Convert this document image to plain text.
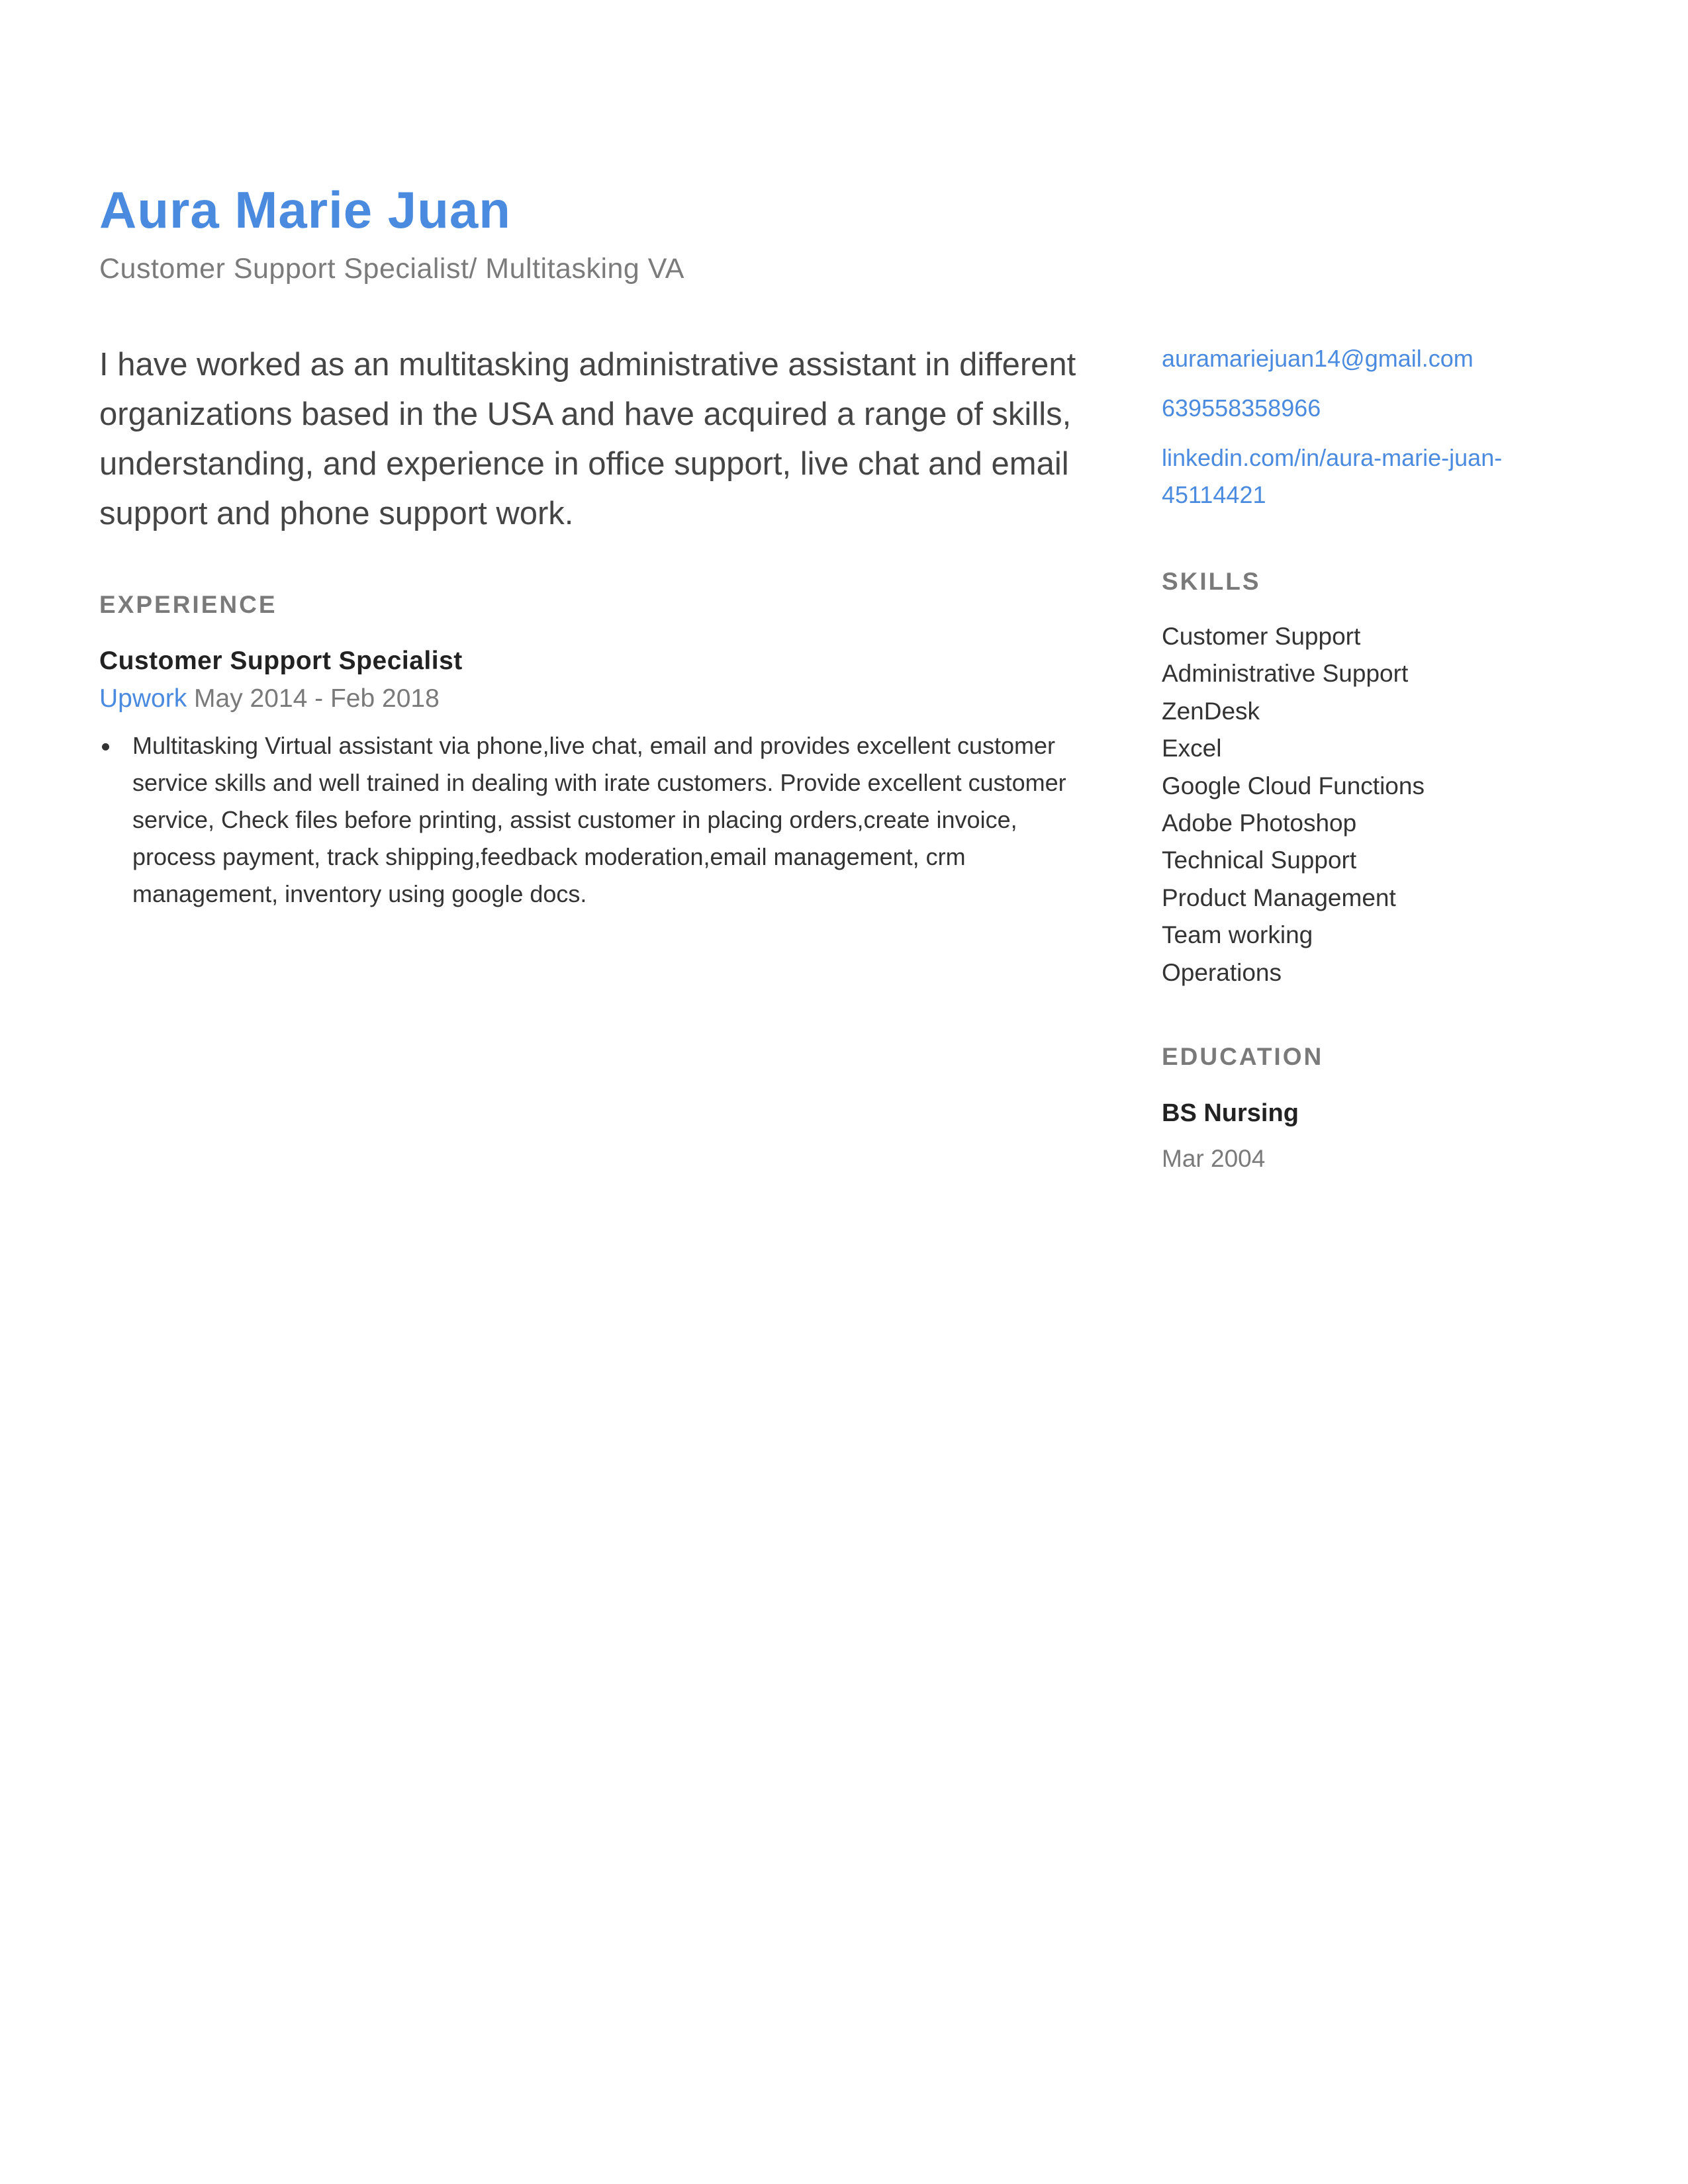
Aura Marie Juan

Customer Support Specialist/ Multitasking VA

I have worked as an multitasking administrative assistant in different organizations based in the USA and have acquired a range of skills, understanding, and experience in office support, live chat and email support and phone support work.

EXPERIENCE

Customer Support Specialist

Upwork May 2014 - Feb 2018

Multitasking Virtual assistant via phone,live chat, email and provides excellent customer service skills and well trained in dealing with irate customers. Provide excellent customer service, Check files before printing, assist customer in placing orders,create invoice, process payment, track shipping,feedback moderation,email management, crm management, inventory using google docs.
auramariejuan14@gmail.com
639558358966
linkedin.com/in/aura-marie-juan-45114421
SKILLS
Customer Support
Administrative Support
ZenDesk
Excel
Google Cloud Functions
Adobe Photoshop
Technical Support
Product Management
Team working
Operations
EDUCATION

BS Nursing

Mar 2004
